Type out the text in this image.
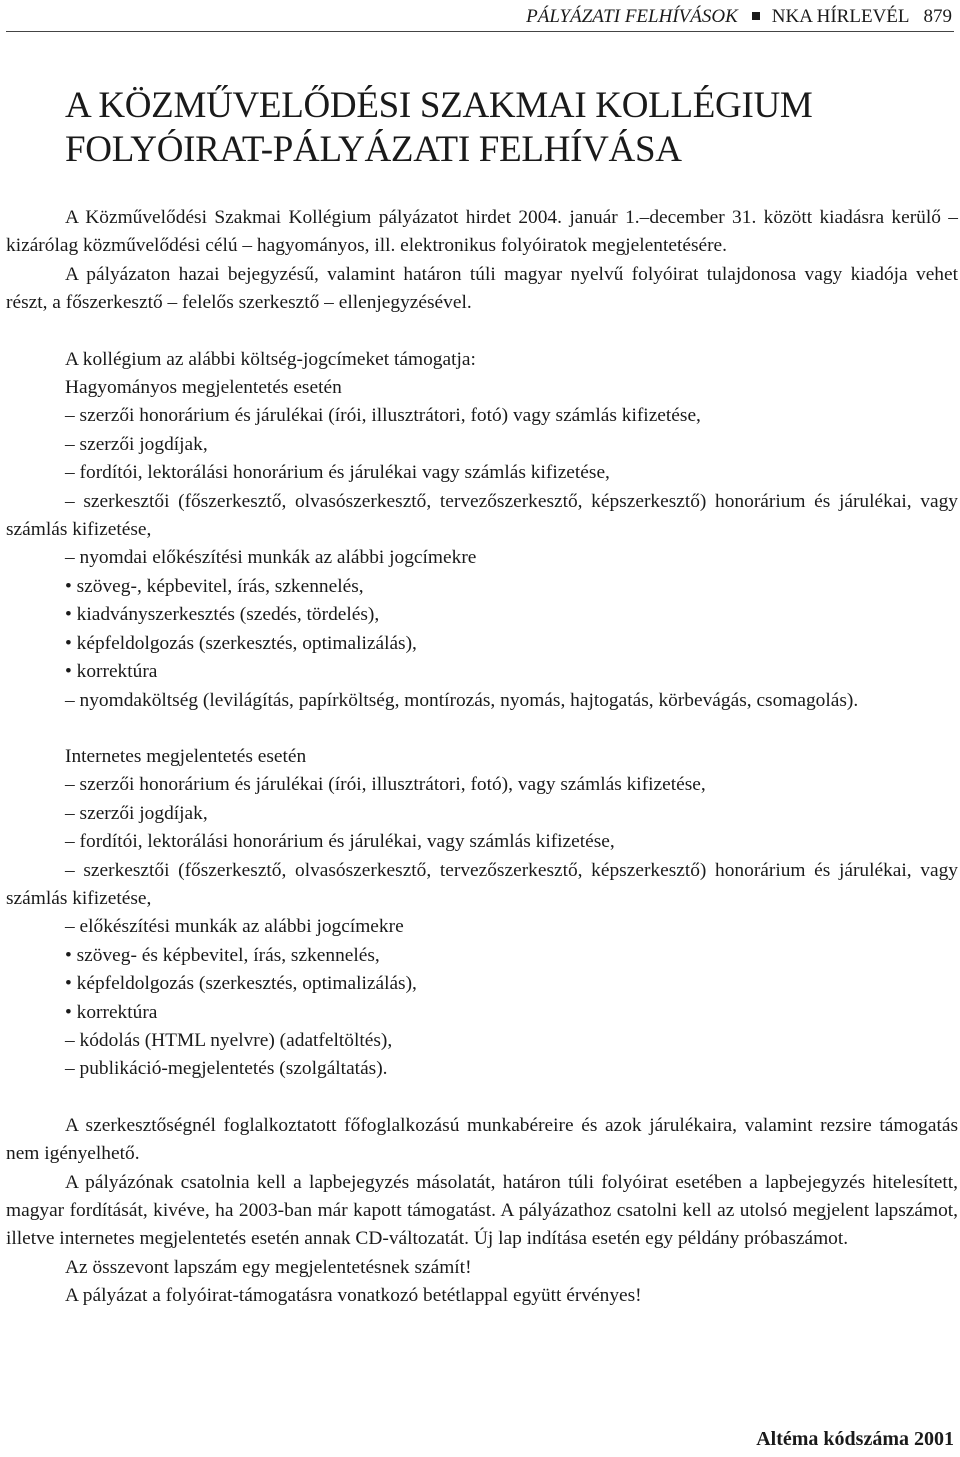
PÁLYÁZATI FELHÍVÁSOK NKA HÍRLEVÉL 879
A KÖZMŰVELŐDÉSI SZAKMAI KOLLÉGIUM
FOLYÓIRAT-PÁLYÁZATI FELHÍVÁSA

A Közművelődési Szakmai Kollégium pályázatot hirdet 2004. január 1.–december 31. között kiadásra kerülő – kizárólag közművelődési célú – hagyományos, ill. elektronikus folyóiratok megjelentetésére.

A pályázaton hazai bejegyzésű, valamint határon túli magyar nyelvű folyóirat tulajdonosa vagy kiadója vehet részt, a főszerkesztő – felelős szerkesztő – ellenjegyzésével.

A kollégium az alábbi költség-jogcímeket támogatja:

Hagyományos megjelentetés esetén

– szerzői honorárium és járulékai (írói, illusztrátori, fotó) vagy számlás kifizetése,

– szerzői jogdíjak,

– fordítói, lektorálási honorárium és járulékai vagy számlás kifizetése,

– szerkesztői (főszerkesztő, olvasószerkesztő, tervezőszerkesztő, képszerkesztő) honorárium és járulékai, vagy számlás kifizetése,

– nyomdai előkészítési munkák az alábbi jogcímekre

• szöveg-, képbevitel, írás, szkennelés,

• kiadványszerkesztés (szedés, tördelés),

• képfeldolgozás (szerkesztés, optimalizálás),

• korrektúra

– nyomdaköltség (levilágítás, papírköltség, montírozás, nyomás, hajtogatás, körbevágás, csomagolás).

Internetes megjelentetés esetén

– szerzői honorárium és járulékai (írói, illusztrátori, fotó), vagy számlás kifizetése,

– szerzői jogdíjak,

– fordítói, lektorálási honorárium és járulékai, vagy számlás kifizetése,

– szerkesztői (főszerkesztő, olvasószerkesztő, tervezőszerkesztő, képszerkesztő) honorárium és járulékai, vagy számlás kifizetése,

– előkészítési munkák az alábbi jogcímekre

• szöveg- és képbevitel, írás, szkennelés,

• képfeldolgozás (szerkesztés, optimalizálás),

• korrektúra

– kódolás (HTML nyelvre) (adatfeltöltés),

– publikáció-megjelentetés (szolgáltatás).

A szerkesztőségnél foglalkoztatott főfoglalkozású munkabéreire és azok járulékaira, valamint rezsire támogatás nem igényelhető.

A pályázónak csatolnia kell a lapbejegyzés másolatát, határon túli folyóirat esetében a lapbejegyzés hitelesített, magyar fordítását, kivéve, ha 2003-ban már kapott támogatást. A pályázathoz csatolni kell az utolsó megjelent lapszámot, illetve internetes megjelentetés esetén annak CD-változatát. Új lap indítása esetén egy példány próbaszámot.

Az összevont lapszám egy megjelentetésnek számít!

A pályázat a folyóirat-támogatásra vonatkozó betétlappal együtt érvényes!

Altéma kódszáma 2001
